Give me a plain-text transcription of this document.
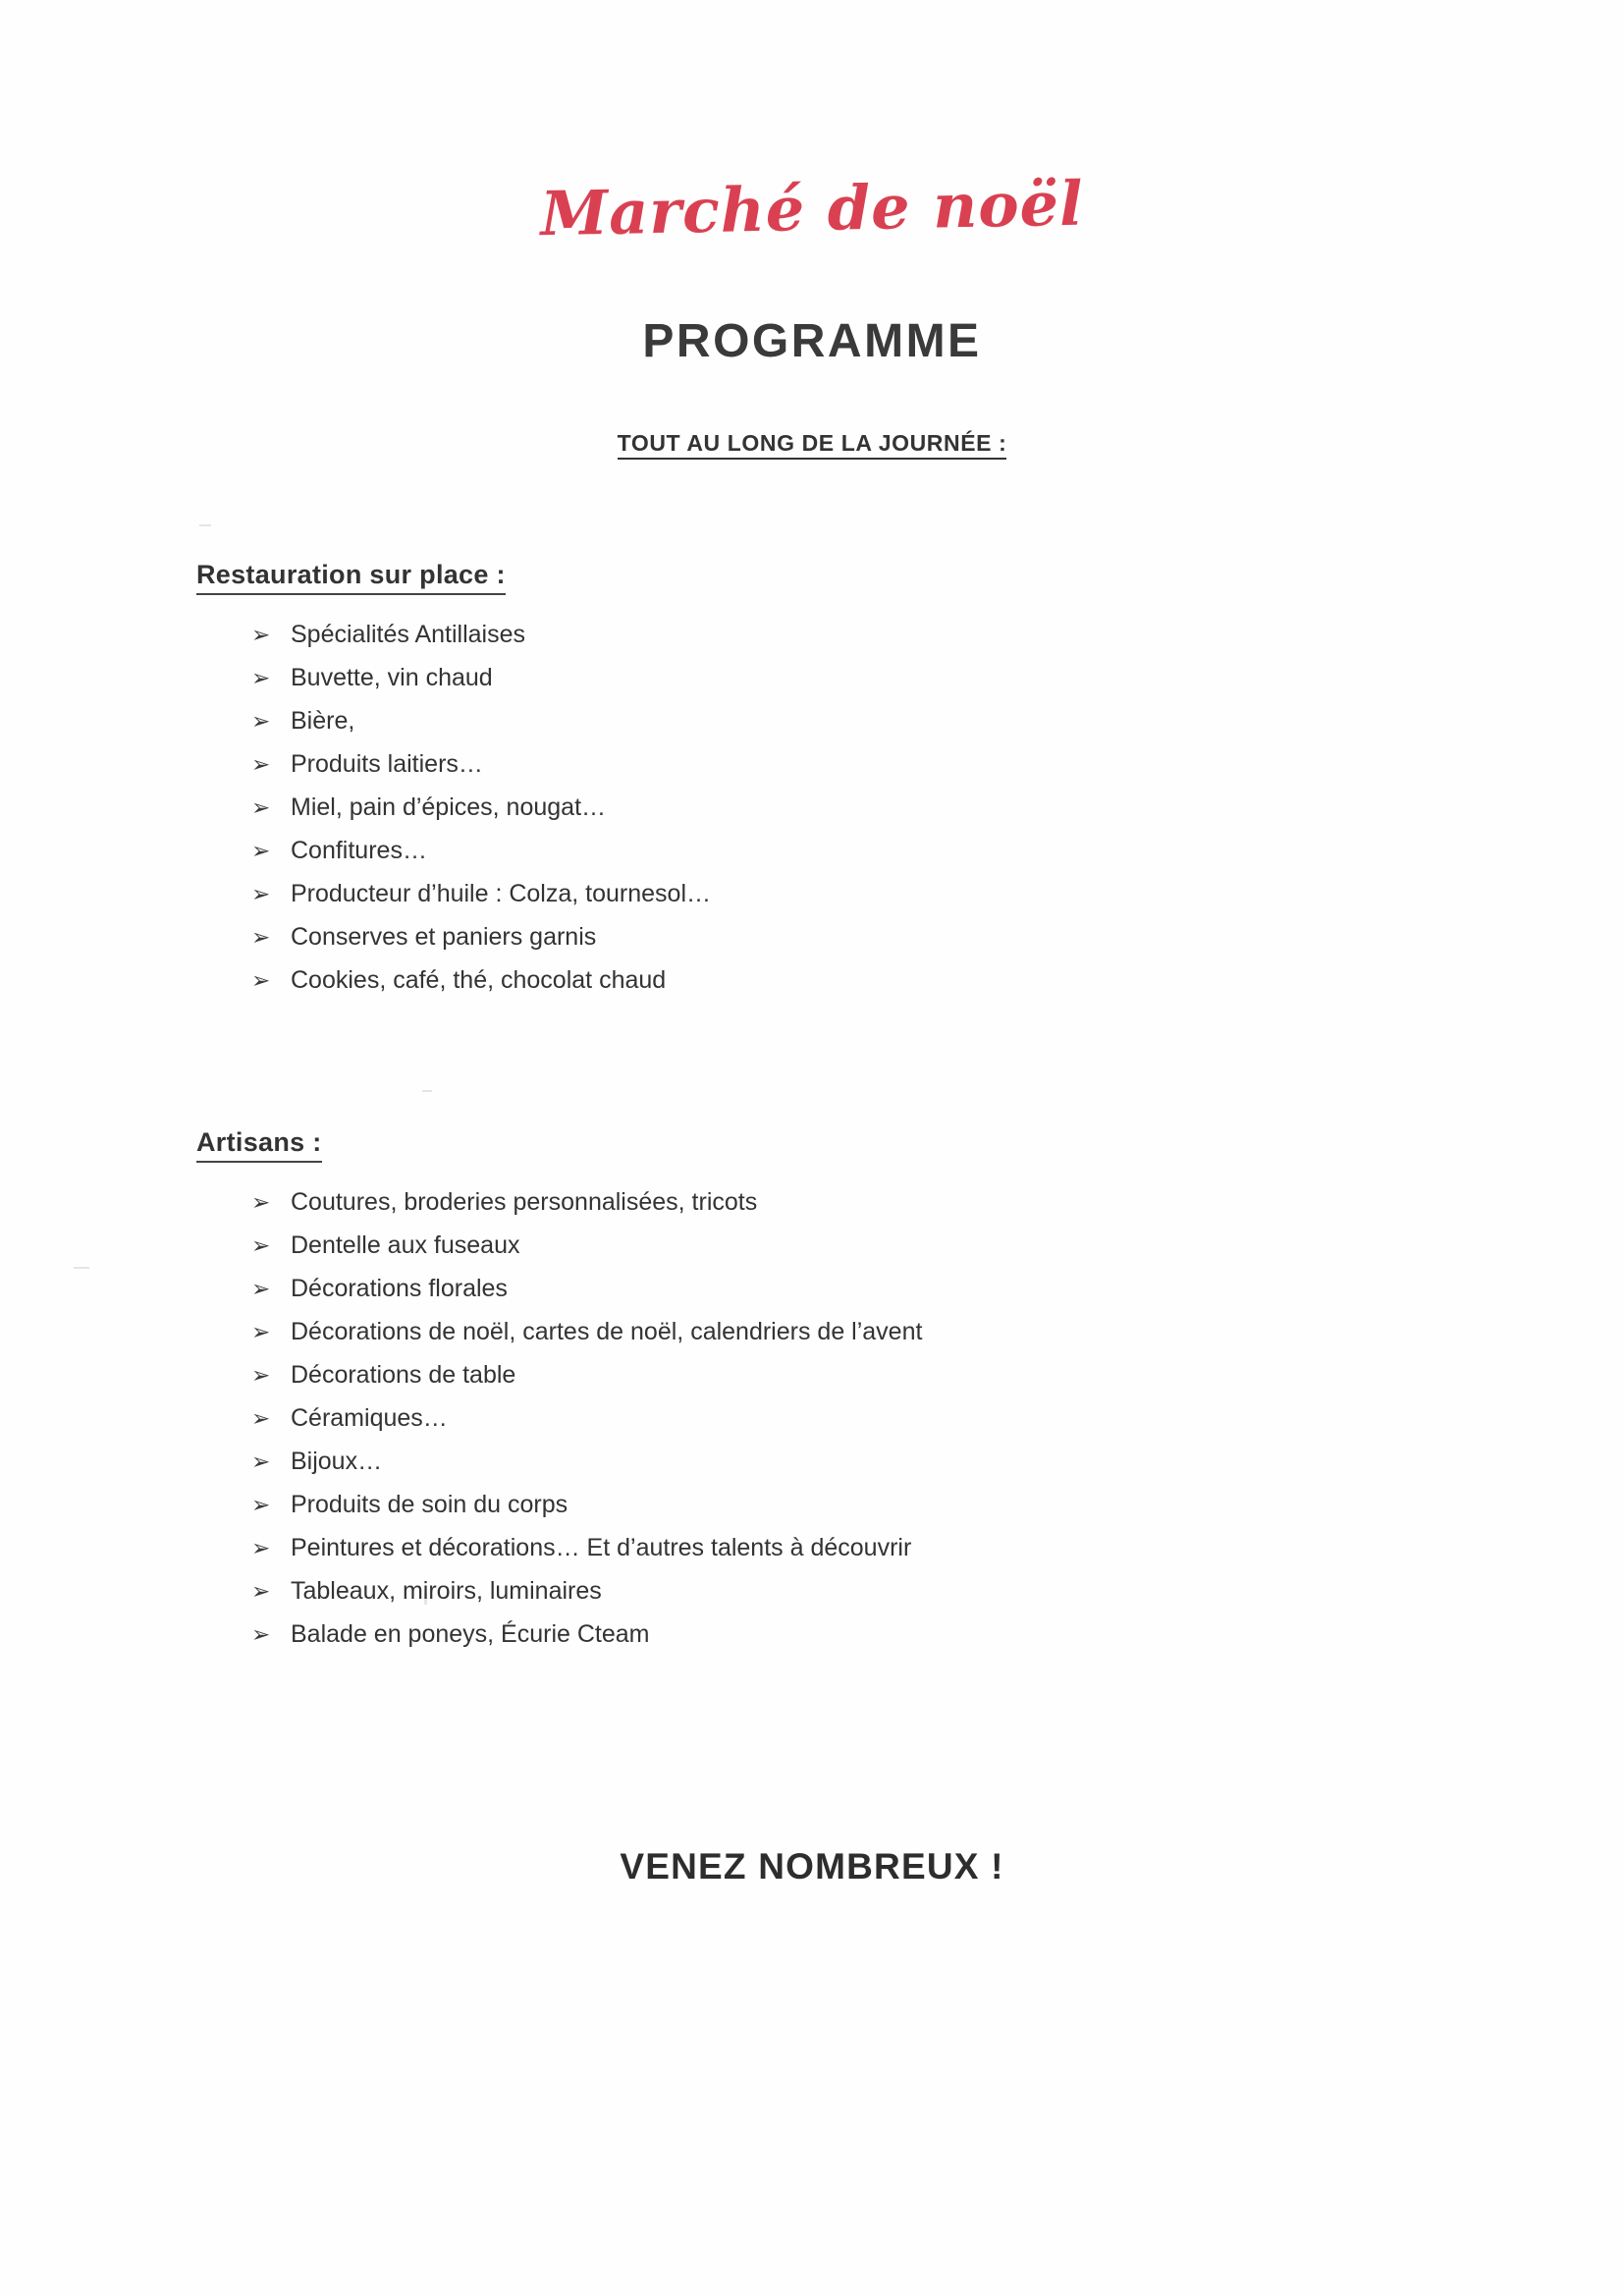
Marché de noël
PROGRAMME
TOUT AU LONG DE LA JOURNÉE :
Restauration sur place :
➢ Spécialités Antillaises
➢ Buvette, vin chaud
➢ Bière,
➢ Produits laitiers…
➢ Miel, pain d’épices, nougat…
➢ Confitures…
➢ Producteur d’huile : Colza, tournesol…
➢ Conserves et paniers garnis
➢ Cookies, café, thé, chocolat chaud
Artisans :
➢ Coutures, broderies personnalisées, tricots
➢ Dentelle aux fuseaux
➢ Décorations florales
➢ Décorations de noël, cartes de noël, calendriers de l’avent
➢ Décorations de table
➢ Céramiques…
➢ Bijoux…
➢ Produits de soin du corps
➢ Peintures et décorations… Et d’autres talents à découvrir
➢ Tableaux, miroirs, luminaires
➢ Balade en poneys, Écurie Cteam
VENEZ NOMBREUX !
